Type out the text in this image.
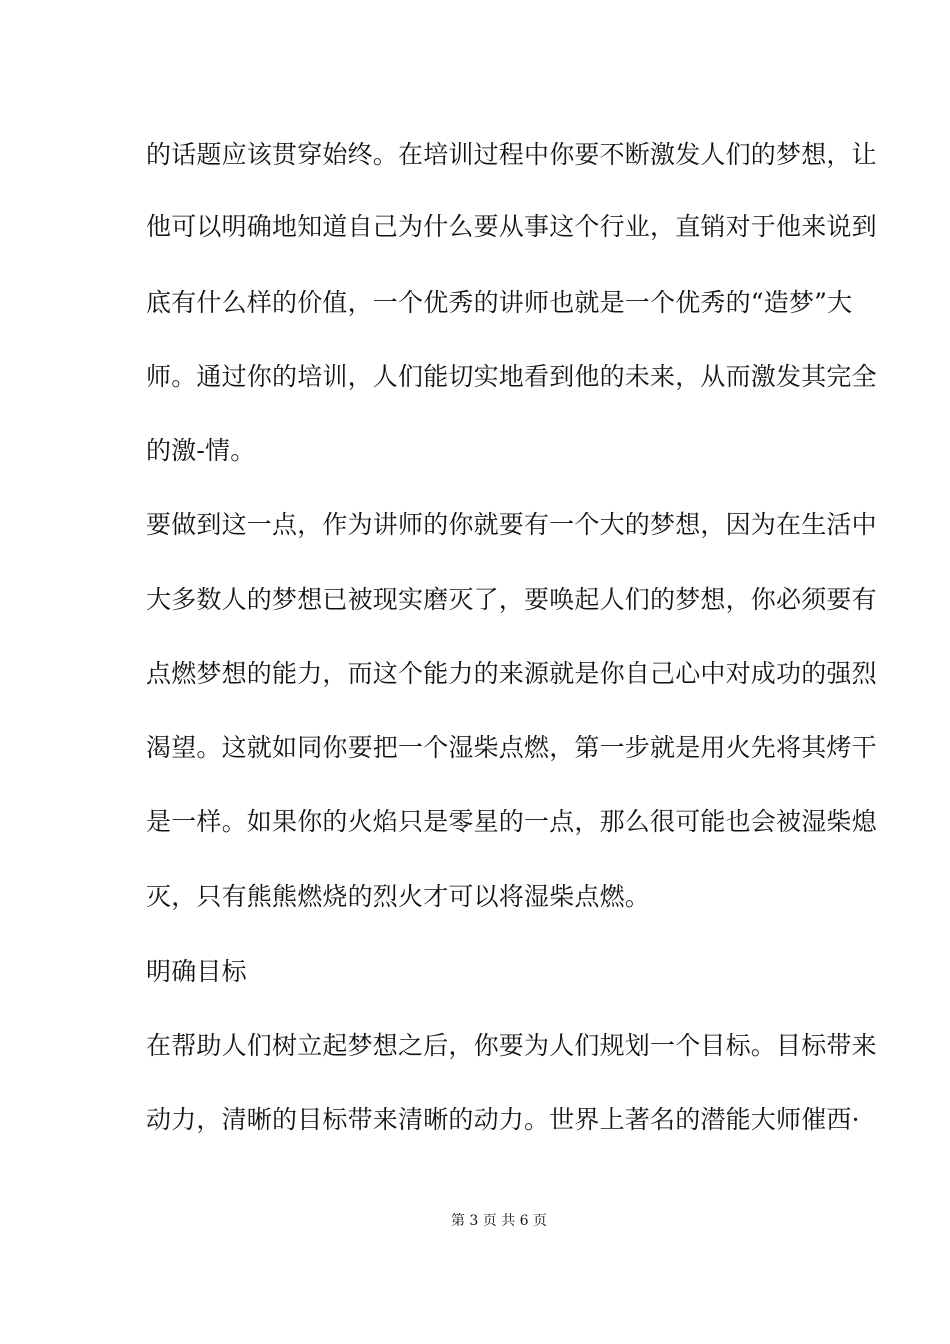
的话题应该贯穿始终。在培训过程中你要不断激发人们的梦想，让
他可以明确地知道自己为什么要从事这个行业，直销对于他来说到
底有什么样的价值，一个优秀的讲师也就是一个优秀的“造梦”大
师。通过你的培训，人们能切实地看到他的未来，从而激发其完全
的激-情。
要做到这一点，作为讲师的你就要有一个大的梦想，因为在生活中
大多数人的梦想已被现实磨灭了，要唤起人们的梦想，你必须要有
点燃梦想的能力，而这个能力的来源就是你自己心中对成功的强烈
渴望。这就如同你要把一个湿柴点燃，第一步就是用火先将其烤干
是一样。如果你的火焰只是零星的一点，那么很可能也会被湿柴熄
灭，只有熊熊燃烧的烈火才可以将湿柴点燃。
明确目标
在帮助人们树立起梦想之后，你要为人们规划一个目标。目标带来
动力，清晰的目标带来清晰的动力。世界上著名的潜能大师催西·
第 3 页 共 6 页
